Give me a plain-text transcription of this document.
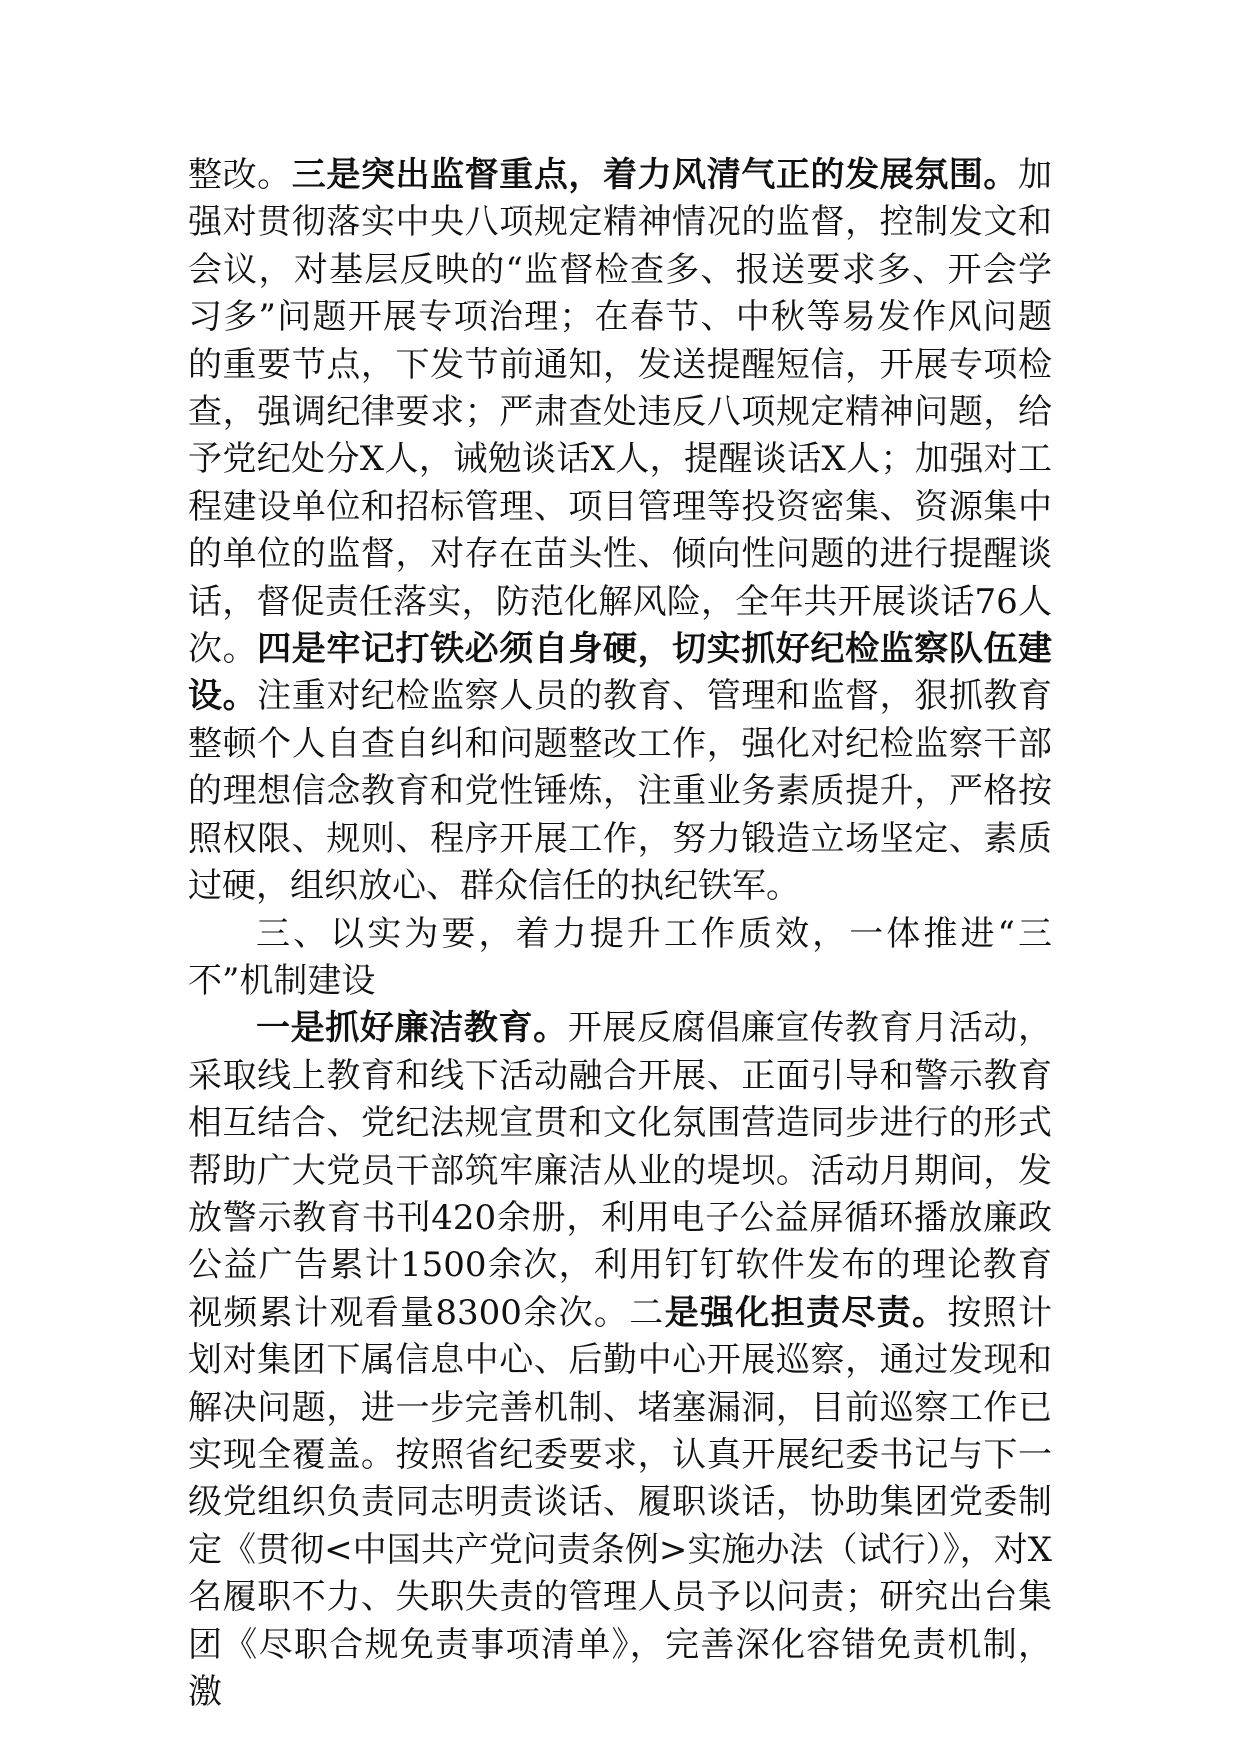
整改。三是突出监督重点，着力风清气正的发展氛围。加强对贯彻落实中央八项规定精神情况的监督，控制发文和会议，对基层反映的“监督检查多、报送要求多、开会学习多”问题开展专项治理；在春节、中秋等易发作风问题的重要节点，下发节前通知，发送提醒短信，开展专项检查，强调纪律要求；严肃查处违反八项规定精神问题，给予党纪处分X人，诫勉谈话X人，提醒谈话X人；加强对工程建设单位和招标管理、项目管理等投资密集、资源集中的单位的监督，对存在苗头性、倾向性问题的进行提醒谈话，督促责任落实，防范化解风险，全年共开展谈话76人次。四是牢记打铁必须自身硬，切实抓好纪检监察队伍建设。注重对纪检监察人员的教育、管理和监督，狠抓教育整顿个人自查自纠和问题整改工作，强化对纪检监察干部的理想信念教育和党性锤炼，注重业务素质提升，严格按照权限、规则、程序开展工作，努力锻造立场坚定、素质过硬，组织放心、群众信任的执纪铁军。

三、以实为要，着力提升工作质效，一体推进“三不”机制建设

一是抓好廉洁教育。开展反腐倡廉宣传教育月活动，采取线上教育和线下活动融合开展、正面引导和警示教育相互结合、党纪法规宣贯和文化氛围营造同步进行的形式帮助广大党员干部筑牢廉洁从业的堤坝。活动月期间，发放警示教育书刊420余册，利用电子公益屏循环播放廉政公益广告累计1500余次，利用钉钉软件发布的理论教育视频累计观看量8300余次。二是强化担责尽责。按照计划对集团下属信息中心、后勤中心开展巡察，通过发现和解决问题，进一步完善机制、堵塞漏洞，目前巡察工作已实现全覆盖。按照省纪委要求，认真开展纪委书记与下一级党组织负责同志明责谈话、履职谈话，协助集团党委制定《贯彻<中国共产党问责条例>实施办法（试行）》，对X名履职不力、失职失责的管理人员予以问责；研究出台集团《尽职合规免责事项清单》，完善深化容错免责机制，激
